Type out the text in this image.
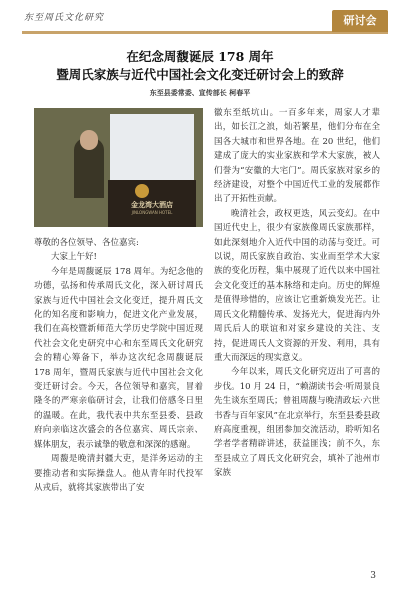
东至周氏文化研究	研讨会
在纪念周馥诞辰 178 周年
暨周氏家族与近代中国社会文化变迁研讨会上的致辞
东至县委常委、宣传部长 柯春平
金龙湾大酒店
JINLONGWAN HOTEL

尊敬的各位领导、各位嘉宾:

大家上午好!

今年是周馥诞辰 178 周年。为纪念他的功德，弘扬和传承周氏文化，深入研讨周氏家族与近代中国社会文化变迁，提升周氏文化的知名度和影响力，促进文化产业发展，我们在高校暨新师范大学历史学院中国近现代社会文化史研究中心和东至周氏文化研究会的精心筹备下，举办这次纪念周馥诞辰 178 周年，暨周氏家族与近代中国社会文化变迁研讨会。今天，各位领导和嘉宾，冒着隆冬的严寒亲临研讨会，让我们倍感冬日里的温暖。在此，我代表中共东至县委、县政府向亲临这次盛会的各位嘉宾、周氏宗亲、媒体朋友，表示诚挚的敬意和深深的感谢。

周馥是晚清封疆大吏，是洋务运动的主要推动者和实际操盘人。他从青年时代投军从戎后，就将其家族带出了安

徽东至纸坑山。一百多年来，周家人才辈出，如长江之浪，灿若繁星，他们分布在全国各大城市和世界各地。在 20 世纪，他们建成了庞大的实业家族和学术大家族，被人们誉为“安徽的大宅门”。周氏家族对家乡的经济建设，对整个中国近代工业的发展都作出了开拓性贡献。

晚清社会，政权更迭，风云变幻。在中国近代史上，很少有家族像周氏家族那样，如此深刻地介入近代中国的动荡与变迁。可以说，周氏家族自政治、实业而至学术大家族的变化历程，集中展现了近代以来中国社会文化变迁的基本脉络和走向。历史的辉煌是值得珍惜的，应该让它重新焕发光芒。让周氏文化精髓传承、发扬光大，促进海内外周氏后人的联谊和对家乡建设的关注、支持，促进周氏人文资源的开发、利用，具有重大而深远的现实意义。

今年以来，周氏文化研究迈出了可喜的步伐。10 月 24 日，“赖湖读书会·听周景良先生谈东至周氏；曾祖周馥与晚清政坛·六世书香与百年家风”在北京举行，东至县委县政府高度重视，组团参加交流活动，聆听知名学者学者精辟讲述，获益匪浅；前不久，东至县成立了周氏文化研究会，填补了池州市家族

3
